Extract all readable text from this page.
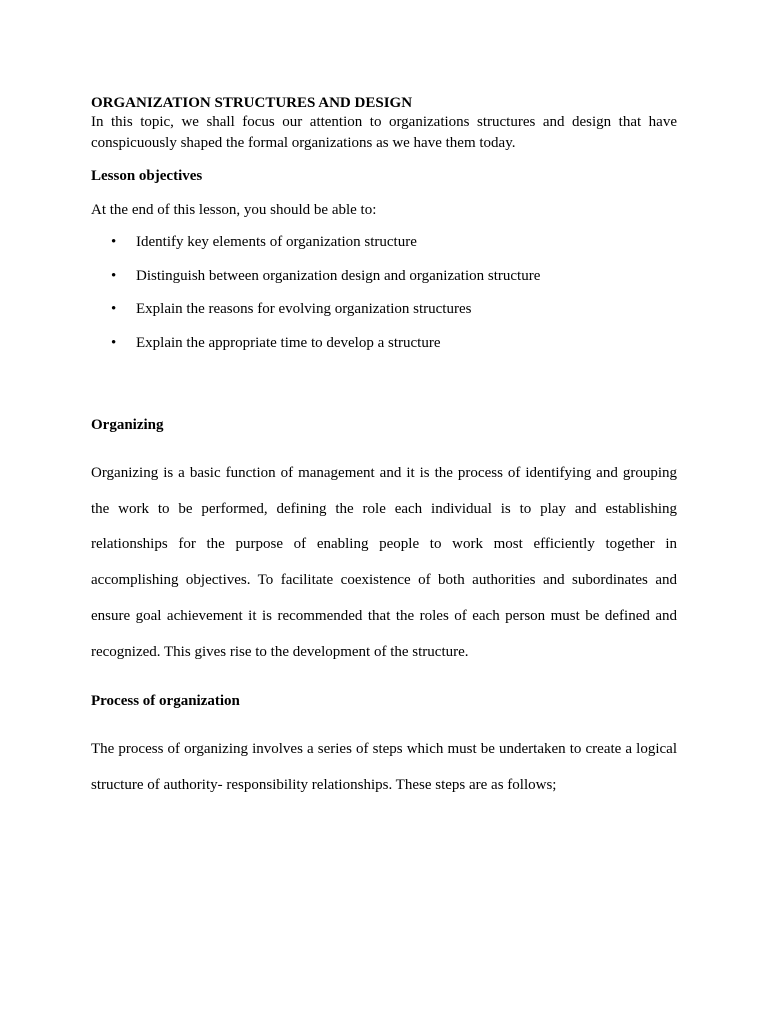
ORGANIZATION STRUCTURES AND DESIGN

In this topic, we shall focus our attention to organizations structures and design that have conspicuously shaped the formal organizations as we have them today.

Lesson objectives

At the end of this lesson, you should be able to:

• Identify key elements of organization structure
• Distinguish between organization design and organization structure
• Explain the reasons for evolving organization structures
• Explain the appropriate time to develop a structure

Organizing

Organizing is a basic function of management and it is the process of identifying and grouping the work to be performed, defining the role each individual is to play and establishing relationships for the purpose of enabling people to work most efficiently together in accomplishing objectives. To facilitate coexistence of both authorities and subordinates and ensure goal achievement it is recommended that the roles of each person must be defined and recognized. This gives rise to the development of the structure.

Process of organization

The process of organizing involves a series of steps which must be undertaken to create a logical structure of authority- responsibility relationships. These steps are as follows;
